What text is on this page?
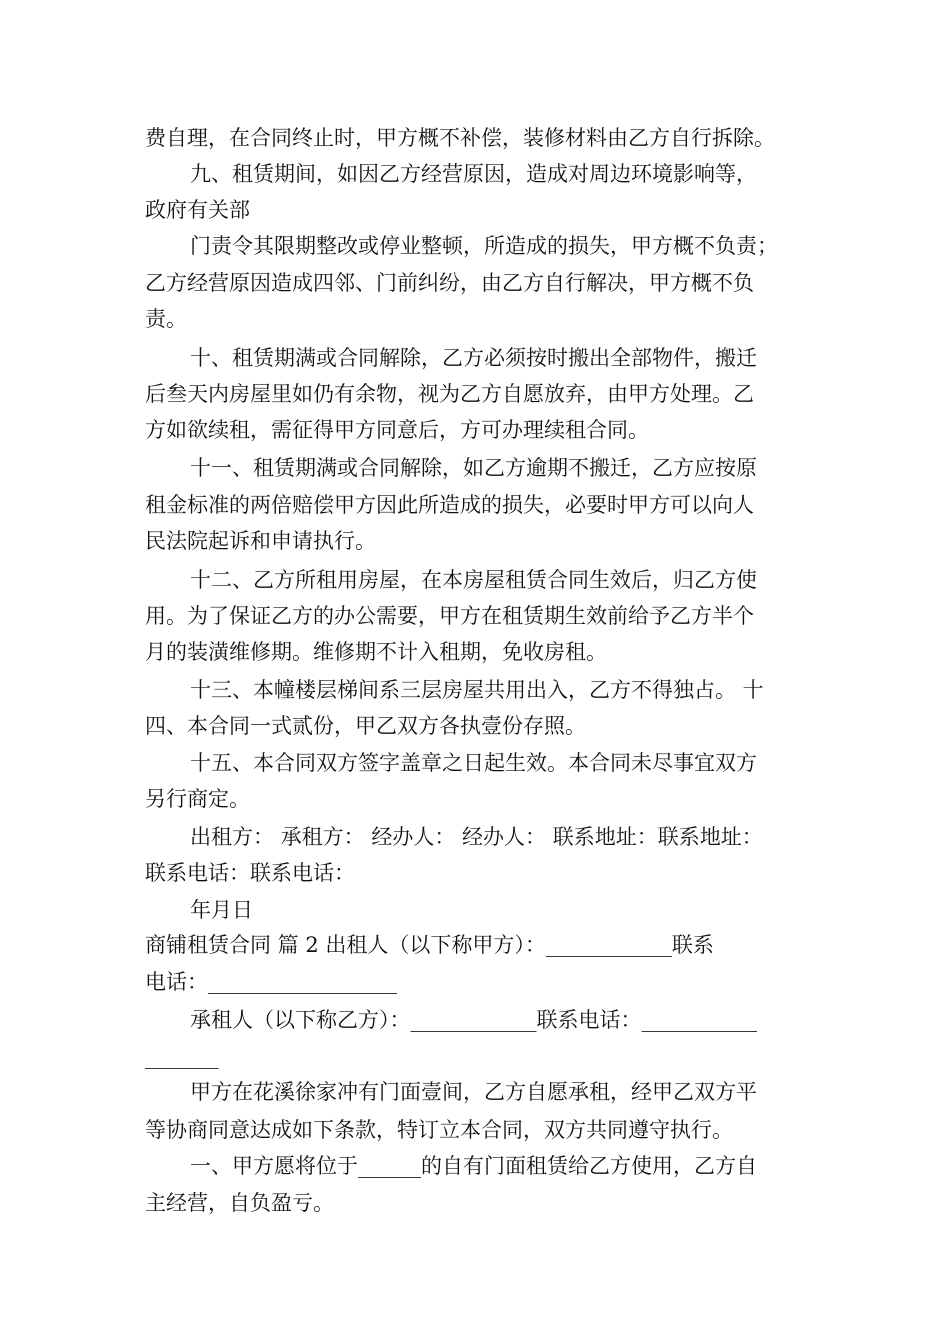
费自理，在合同终止时，甲方概不补偿，装修材料由乙方自行拆除。
九、租赁期间，如因乙方经营原因，造成对周边环境影响等，
政府有关部
门责令其限期整改或停业整顿，所造成的损失，甲方概不负责；
乙方经营原因造成四邻、门前纠纷，由乙方自行解决，甲方概不负
责。
十、租赁期满或合同解除，乙方必须按时搬出全部物件，搬迁
后叁天内房屋里如仍有余物，视为乙方自愿放弃，由甲方处理。乙
方如欲续租，需征得甲方同意后，方可办理续租合同。
十一、租赁期满或合同解除，如乙方逾期不搬迁，乙方应按原
租金标准的两倍赔偿甲方因此所造成的损失，必要时甲方可以向人
民法院起诉和申请执行。
十二、乙方所租用房屋，在本房屋租赁合同生效后，归乙方使
用。为了保证乙方的办公需要，甲方在租赁期生效前给予乙方半个
月的装潢维修期。维修期不计入租期，免收房租。
十三、本幢楼层梯间系三层房屋共用出入，乙方不得独占。 十
四、本合同一式贰份，甲乙双方各执壹份存照。
十五、本合同双方签字盖章之日起生效。本合同未尽事宜双方
另行商定。
出租方： 承租方： 经办人： 经办人： 联系地址：联系地址：
联系电话：联系电话：
年月日
商铺租赁合同 篇 2 出租人（以下称甲方）：____________联系
电话：__________________
承租人（以下称乙方）：____________联系电话：___________
_______
甲方在花溪徐家冲有门面壹间，乙方自愿承租，经甲乙双方平
等协商同意达成如下条款，特订立本合同，双方共同遵守执行。
一、甲方愿将位于______的自有门面租赁给乙方使用，乙方自
主经营，自负盈亏。
